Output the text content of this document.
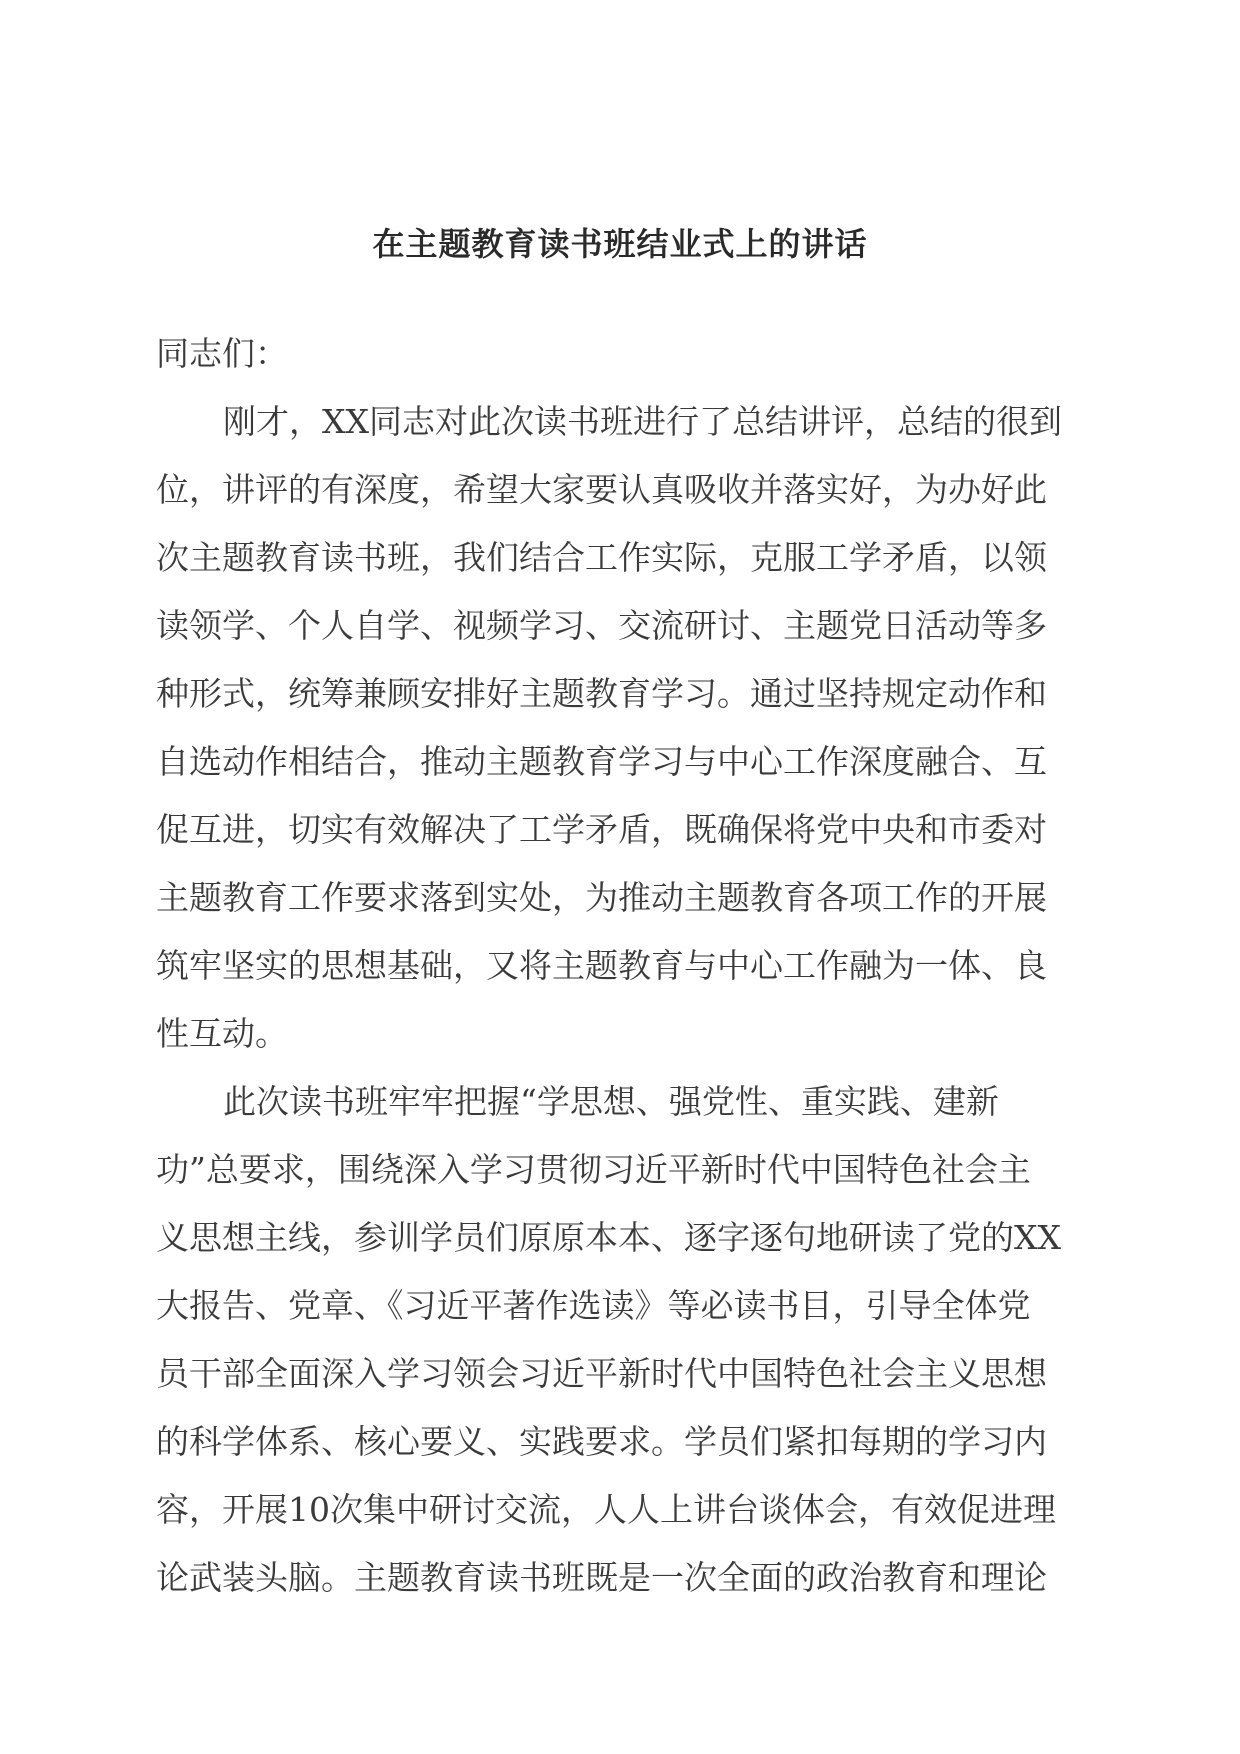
在主题教育读书班结业式上的讲话

同志们：

刚才，XX同志对此次读书班进行了总结讲评，总结的很到
位，讲评的有深度，希望大家要认真吸收并落实好，为办好此
次主题教育读书班，我们结合工作实际，克服工学矛盾，以领
读领学、个人自学、视频学习、交流研讨、主题党日活动等多
种形式，统筹兼顾安排好主题教育学习。通过坚持规定动作和
自选动作相结合，推动主题教育学习与中心工作深度融合、互
促互进，切实有效解决了工学矛盾，既确保将党中央和市委对
主题教育工作要求落到实处，为推动主题教育各项工作的开展
筑牢坚实的思想基础，又将主题教育与中心工作融为一体、良
性互动。

此次读书班牢牢把握“学思想、强党性、重实践、建新
功”总要求，围绕深入学习贯彻习近平新时代中国特色社会主
义思想主线，参训学员们原原本本、逐字逐句地研读了党的XX
大报告、党章、《习近平著作选读》等必读书目，引导全体党
员干部全面深入学习领会习近平新时代中国特色社会主义思想
的科学体系、核心要义、实践要求。学员们紧扣每期的学习内
容，开展10次集中研讨交流，人人上讲台谈体会，有效促进理
论武装头脑。主题教育读书班既是一次全面的政治教育和理论
